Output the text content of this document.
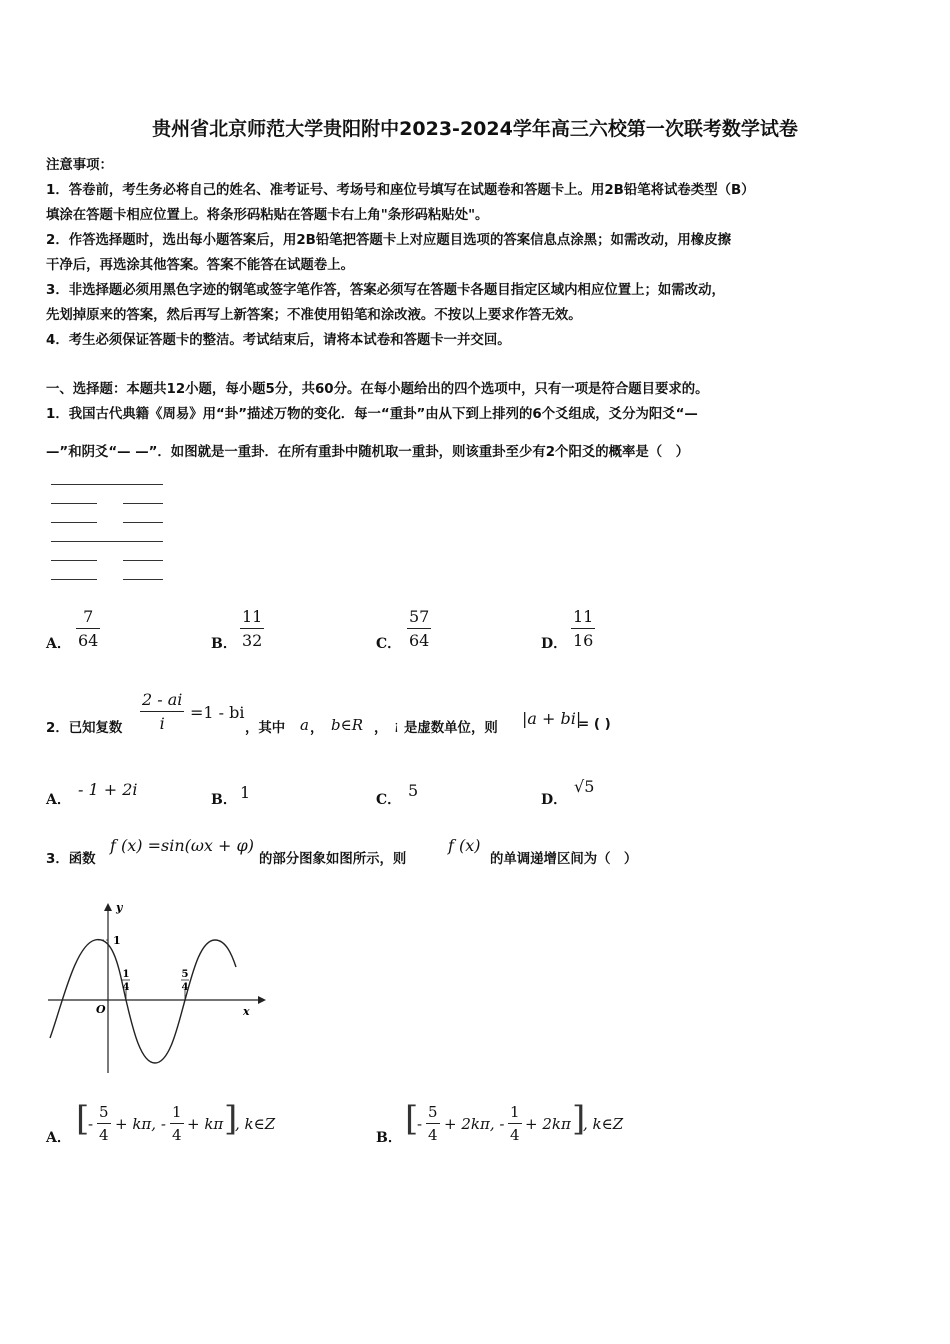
贵州省北京师范大学贵阳附中2023-2024学年高三六校第一次联考数学试卷
注意事项：
1．答卷前，考生务必将自己的姓名、准考证号、考场号和座位号填写在试题卷和答题卡上。用2B铅笔将试卷类型（B）
填涂在答题卡相应位置上。将条形码粘贴在答题卡右上角"条形码粘贴处"。
2．作答选择题时，选出每小题答案后，用2B铅笔把答题卡上对应题目选项的答案信息点涂黑；如需改动，用橡皮擦
干净后，再选涂其他答案。答案不能答在试题卷上。
3．非选择题必须用黑色字迹的钢笔或签字笔作答，答案必须写在答题卡各题目指定区域内相应位置上；如需改动，
先划掉原来的答案，然后再写上新答案；不准使用铅笔和涂改液。不按以上要求作答无效。
4．考生必须保证答题卡的整洁。考试结束后，请将本试卷和答题卡一并交回。
一、选择题：本题共12小题，每小题5分，共60分。在每小题给出的四个选项中，只有一项是符合题目要求的。
1．我国古代典籍《周易》用“卦”描述万物的变化．每一“重卦”由从下到上排列的6个爻组成，爻分为阳爻“—
—”和阴爻“— —”．如图就是一重卦．在所有重卦中随机取一重卦，则该重卦至少有2个阳爻的概率是（　）
A．
7
64	B．
11
32	C．
57
64	D．
11
16
2．已知复数
2 - ai
i
=1 - bi
，其中 a ， b∈R ， ¡ 是虚数单位，则
|a + bi|
= ( )
A．
- 1 + 2i
B． 1	C． 5	D．
√5
3．函数
f (x) =sin(ωx + φ)
的部分图象如图所示，则
f (x)
的单调递增区间为（　）
y
x
O
1
1
4
5
4
A． [
-
5
4
+ kπ, -
1
4
+ kπ ]
, k∈Z
B． [
-
5
4
+ 2kπ, -
1
4
+ 2kπ ]
, k∈Z
